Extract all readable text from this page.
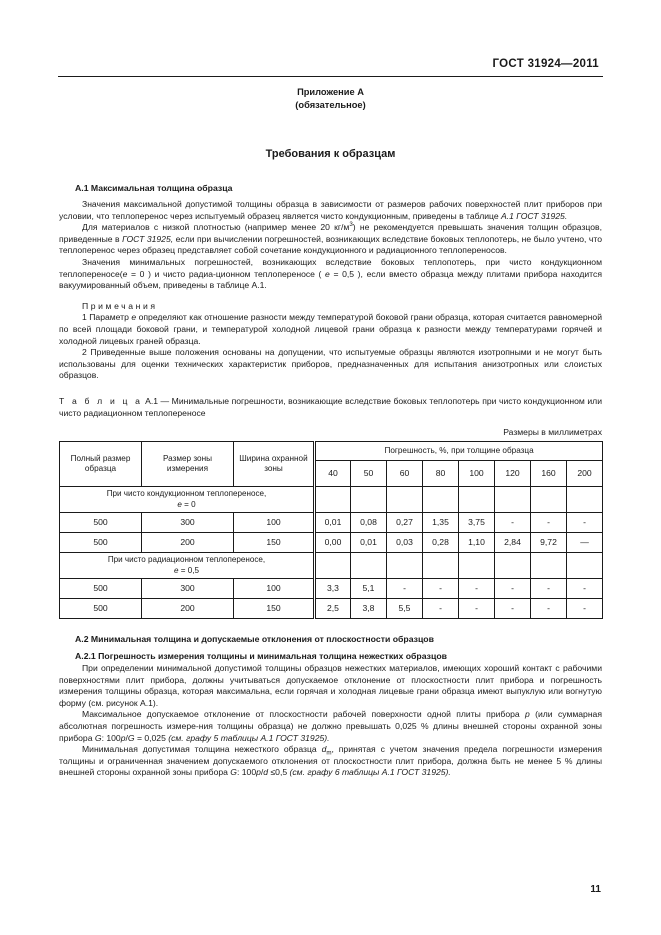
ГОСТ 31924—2011
Приложение А
(обязательное)
Требования к образцам
А.1 Максимальная толщина образца

Значения максимальной допустимой толщины образца в зависимости от размеров рабочих поверхностей плит приборов при условии, что теплоперенос через испытуемый образец является чисто кондукционным, приведены в таблице А.1 ГОСТ 31925.

Для материалов с низкой плотностью (например менее 20 $кг/м^3$) не рекомендуется превышать значения толщин образцов, приведенные в ГОСТ 31925, если при вычислении погрешностей, возникающих вследствие боковых теплопотерь, не было учтено, что теплоперенос через образец представляет собой сочетание кондукционного и радиационного теплопереносов.

Значения минимальных погрешностей, возникающих вследствие боковых теплопотерь, при чисто кондукционном теплопереносе(e = 0 ) и чисто радиа-ционном теплопереносе ( e = 0,5 ), если вместо образца между плитами прибора находится вакуумированный объем, приведены в таблице А.1.

Примечания

1 Параметр e определяют как отношение разности между температурой боковой грани образца, которая считается равномерной по всей площади боковой грани, и температурой холодной лицевой грани образца к разности между температурами горячей и холодной лицевых граней образца.

2 Приведенные выше положения основаны на допущении, что испытуемые образцы являются изотропными и не могут быть использованы для оценки технических характеристик приборов, предназначенных для испытания анизотропных или слоистых образцов.

Т а б л и ц а А.1 — Минимальные погрешности, возникающие вследствие боковых теплопотерь при чисто кондукционном или чисто радиационном теплопереносе

Размеры в миллиметрах
Полный размер образца	Размер зоны измерения	Ширина охранной зоны	Погрешность, %, при толщине образца							
			40	50	60	80	100	120	160	200
При чисто кондукционном теплопереносе,
e = 0										
500	300	100	0,01	0,08	0,27	1,35	3,75	-	-	-
500	200	150	0,00	0,01	0,03	0,28	1,10	2,84	9,72	—
При чисто радиационном теплопереносе,
e = 0,5										
500	300	100	3,3	5,1	-	-	-	-	-	-
500	200	150	2,5	3,8	5,5	-	-	-	-	-
А.2 Минимальная толщина и допускаемые отклонения от плоскостности образцов
А.2.1 Погрешность измерения толщины и минимальная толщина нежестких образцов

При определении минимальной допустимой толщины образцов нежестких материалов, имеющих хороший контакт с рабочими поверхностями плит прибора, должны учитываться допускаемое отклонение от плоскостности плит прибора и погрешность измерения толщины образца, которая максимальна, если горячая и холодная лицевые грани образца имеют выпуклую или вогнутую форму (см. рисунок А.1).

Максимальное допускаемое отклонение от плоскостности рабочей поверхности одной плиты прибора p (или суммарная абсолютная погрешность измере-ния толщины образца) не должно превышать 0,025 % длины внешней стороны охранной зоны прибора G: 100p/G = 0,025 (см. графу 5 таблицы А.1 ГОСТ 31925).

Минимальная допустимая толщина нежесткого образца $d_m$, принятая с учетом значения предела погрешности измерения толщины и ограниченная значением допускаемого отклонения от плоскостности плит прибора, должна быть не менее 5 % длины внешней стороны охранной зоны прибора G: 100p/d ≤0,5 (см. графу 6 таблицы А.1 ГОСТ 31925).

11
